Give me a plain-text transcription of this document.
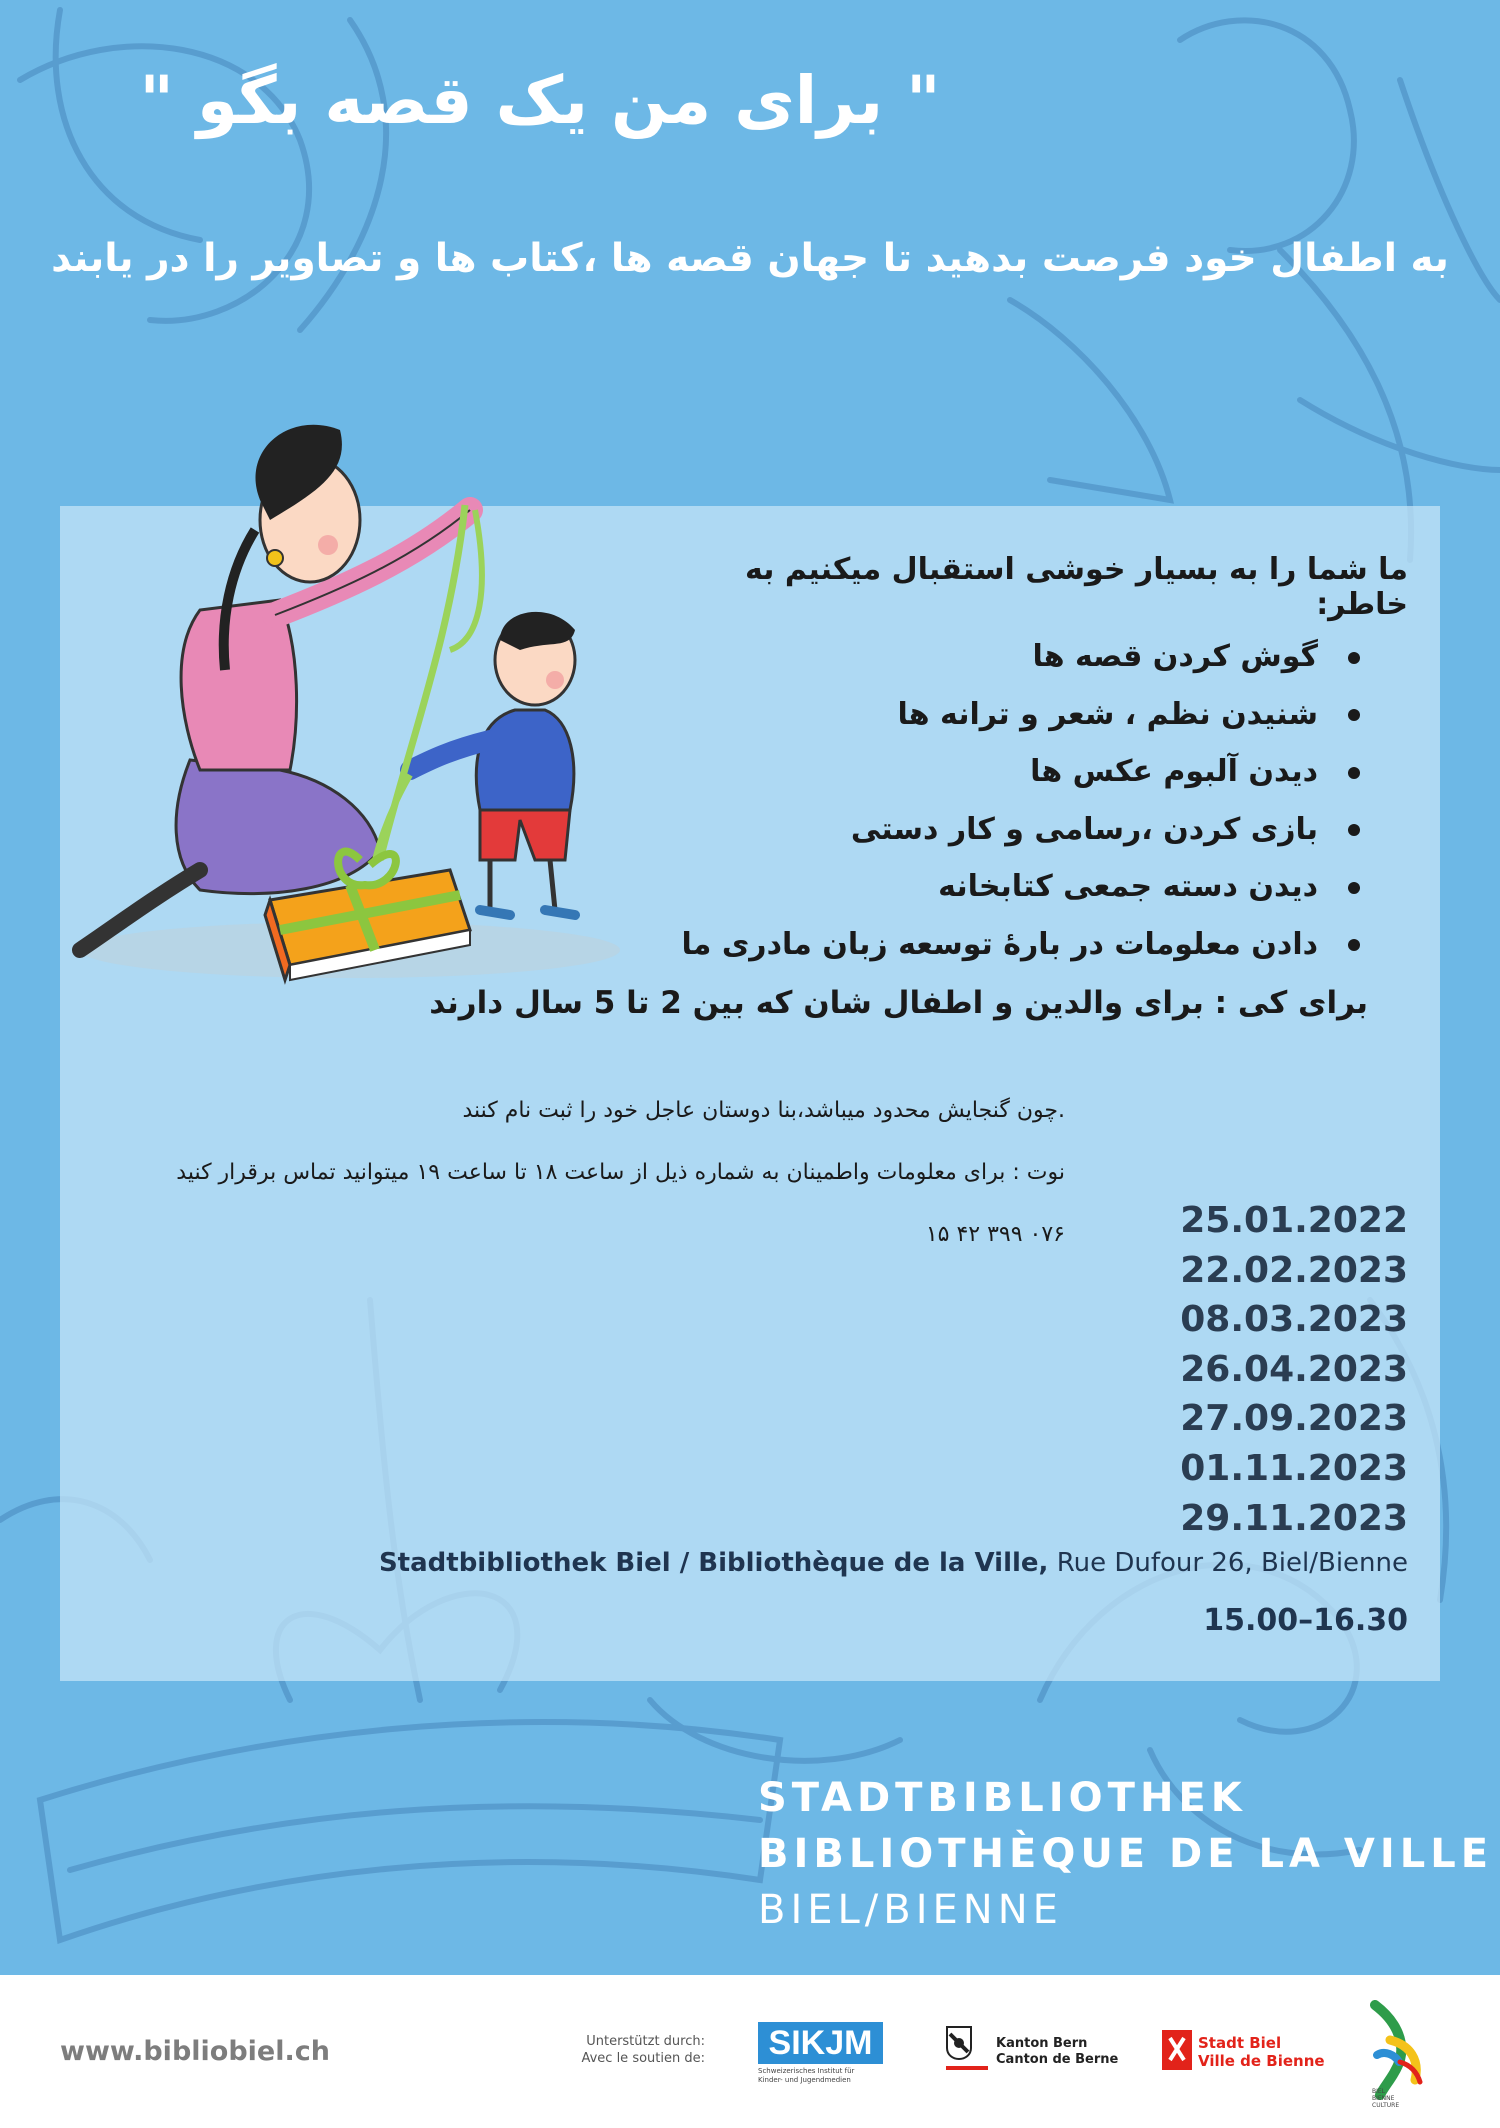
" برای من یک قصه بگو "
به اطفال خود فرصت بدهید تا جهان قصه ها ،کتاب ها و تصاویر را در یابند
ما شما را به بسیار خوشی استقبال میکنیم به خاطر:
گوش کردن قصه ها
شنیدن نظم ، شعر و ترانه ها
دیدن آلبوم عکس ها
بازی کردن ،رسامی و کار دستی
دیدن دسته جمعی کتابخانه
دادن معلومات در بارهٔ توسعه زبان مادری ما
برای کی : برای والدین و اطفال شان که بین 2 تا 5 سال دارند
.چون گنجایش محدود میباشد،بنا دوستان عاجل خود را ثبت نام کنند
نوت : برای معلومات واطمینان به شماره ذیل از ساعت ۱۸ تا ساعت ۱۹ میتوانید تماس برقرار کنید
۰۷۶ ۳۹۹ ۴۲ ۱۵	25.01.2022
22.02.2023
08.03.2023
26.04.2023
27.09.2023
01.11.2023
29.11.2023
Stadtbibliothek Biel / Bibliothèque de la Ville, Rue Dufour 26, Biel/Bienne
15.00–16.30
STADTBIBLIOTHEK
BIBLIOTHÈQUE DE LA VILLE
BIEL/BIENNE
www.bibliobiel.ch	Unterstützt durch:
Avec le soutien de:	SIKJM
Schweizerisches Institut für
Kinder- und Jugendmedien
Kanton Bern
Canton de Berne
Stadt Biel
Ville de Bienne
BIEL
BIENNE
CULTURE
